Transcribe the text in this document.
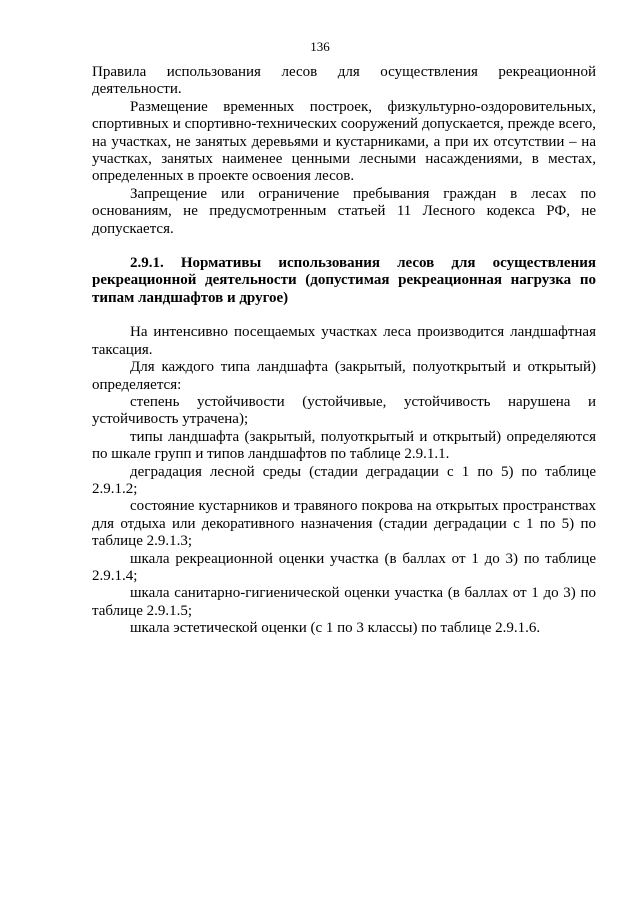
136

Правила использования лесов для осуществления рекреационной деятельности.

Размещение временных построек, физкультурно-оздоровительных, спортивных и спортивно-технических сооружений допускается, прежде всего, на участках, не занятых деревьями и кустарниками, а при их отсутствии – на участках, занятых наименее ценными лесными насаждениями, в местах, определенных в проекте освоения лесов.

Запрещение или ограничение пребывания граждан в лесах по основаниям, не предусмотренным статьей 11 Лесного кодекса РФ, не допускается.

2.9.1. Нормативы использования лесов для осуществления рекреационной деятельности (допустимая рекреационная нагрузка по типам ландшафтов и другое)

На интенсивно посещаемых участках леса производится ландшафтная таксация.

Для каждого типа ландшафта (закрытый, полуоткрытый и открытый) определяется:

степень устойчивости (устойчивые, устойчивость нарушена и устойчивость утрачена);

типы ландшафта (закрытый, полуоткрытый и открытый) определяются по шкале групп и типов ландшафтов по таблице 2.9.1.1.

деградация лесной среды (стадии деградации с 1 по 5) по таблице 2.9.1.2;

состояние кустарников и травяного покрова на открытых пространствах для отдыха или декоративного назначения (стадии деградации с 1 по 5) по таблице 2.9.1.3;

шкала рекреационной оценки участка (в баллах от 1 до 3) по таблице 2.9.1.4;

шкала санитарно-гигиенической оценки участка (в баллах от 1 до 3) по таблице 2.9.1.5;

шкала эстетической оценки (с 1 по 3 классы) по таблице 2.9.1.6.
